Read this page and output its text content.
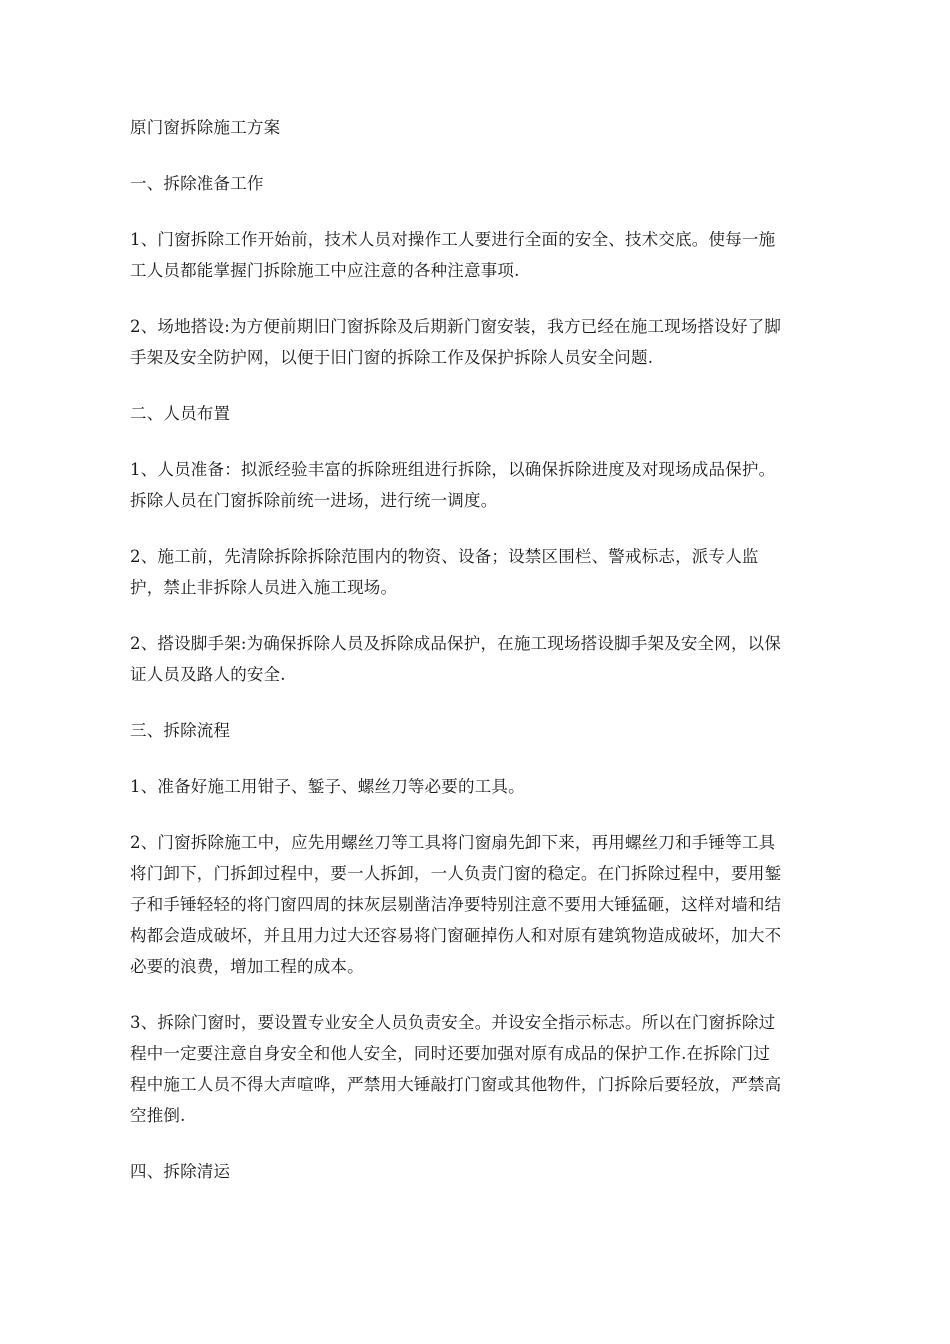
原门窗拆除施工方案
一、拆除准备工作
1、门窗拆除工作开始前，技术人员对操作工人要进行全面的安全、技术交底。使每一施
工人员都能掌握门拆除施工中应注意的各种注意事项.
2、场地搭设:为方便前期旧门窗拆除及后期新门窗安装，我方已经在施工现场搭设好了脚
手架及安全防护网，以便于旧门窗的拆除工作及保护拆除人员安全问题.
二、人员布置
1、人员准备：拟派经验丰富的拆除班组进行拆除，以确保拆除进度及对现场成品保护。
拆除人员在门窗拆除前统一进场，进行统一调度。
2、施工前，先清除拆除拆除范围内的物资、设备；设禁区围栏、警戒标志，派专人监
护，禁止非拆除人员进入施工现场。
2、搭设脚手架:为确保拆除人员及拆除成品保护，在施工现场搭设脚手架及安全网，以保
证人员及路人的安全.
三、拆除流程
1、准备好施工用钳子、錾子、螺丝刀等必要的工具。
2、门窗拆除施工中，应先用螺丝刀等工具将门窗扇先卸下来，再用螺丝刀和手锤等工具
将门卸下，门拆卸过程中，要一人拆卸，一人负责门窗的稳定。在门拆除过程中，要用錾
子和手锤轻轻的将门窗四周的抹灰层剔凿洁净要特别注意不要用大锤猛砸，这样对墙和结
构都会造成破坏，并且用力过大还容易将门窗砸掉伤人和对原有建筑物造成破坏，加大不
必要的浪费，增加工程的成本。
3、拆除门窗时，要设置专业安全人员负责安全。并设安全指示标志。所以在门窗拆除过
程中一定要注意自身安全和他人安全，同时还要加强对原有成品的保护工作.在拆除门过
程中施工人员不得大声喧哗，严禁用大锤敲打门窗或其他物件，门拆除后要轻放，严禁高
空推倒.
四、拆除清运
